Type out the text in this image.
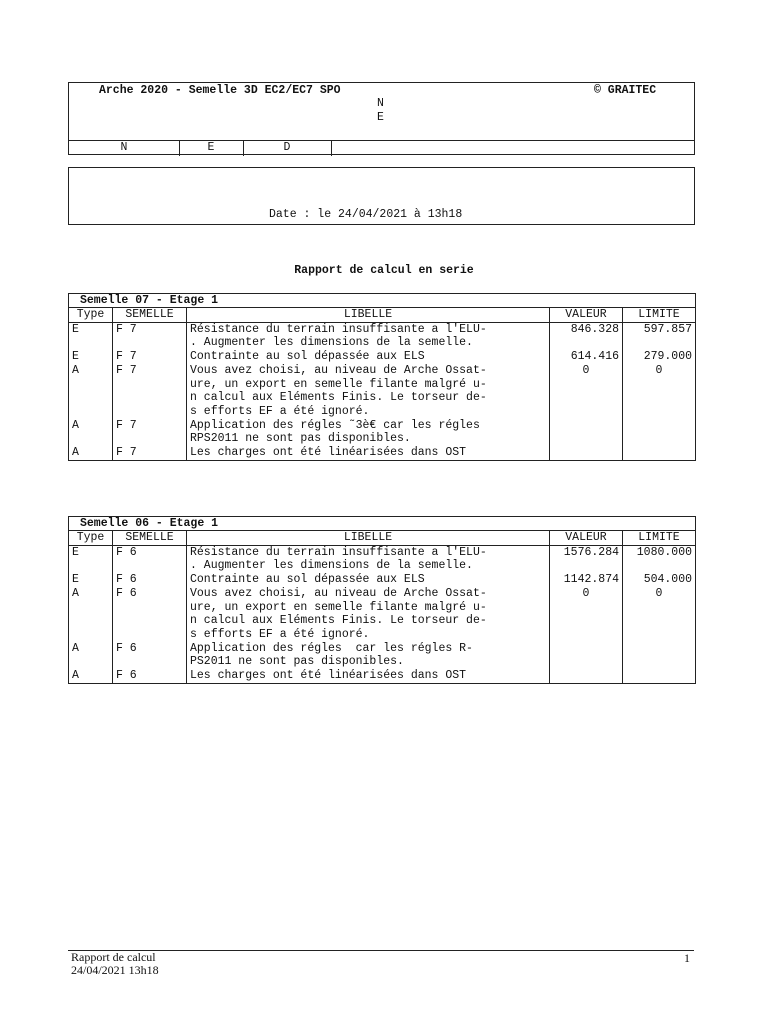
Arche 2020 - Semelle 3D EC2/EC7 SPO	© GRAITEC
N
E
N	E	D
Date : le 24/04/2021 à 13h18
Rapport de calcul en serie
Semelle 07 - Etage 1
Type	SEMELLE	LIBELLE	VALEUR	LIMITE
E	F 7	Résistance du terrain insuffisante a l'ELU-
. Augmenter les dimensions de la semelle.	846.328	597.857
E	F 7	Contrainte au sol dépassée aux ELS	614.416	279.000
A	F 7	Vous avez choisi, au niveau de Arche Ossat-
ure, un export en semelle filante malgré u-
n calcul aux Eléments Finis. Le torseur de-
s efforts EF a été ignoré.	0	0
A	F 7	Application des régles ˜3è€ car les régles
RPS2011 ne sont pas disponibles.		
A	F 7	Les charges ont été linéarisées dans OST		
Semelle 06 - Etage 1
Type	SEMELLE	LIBELLE	VALEUR	LIMITE
E	F 6	Résistance du terrain insuffisante a l'ELU-
. Augmenter les dimensions de la semelle.	1576.284	1080.000
E	F 6	Contrainte au sol dépassée aux ELS	1142.874	504.000
A	F 6	Vous avez choisi, au niveau de Arche Ossat-
ure, un export en semelle filante malgré u-
n calcul aux Eléments Finis. Le torseur de-
s efforts EF a été ignoré.	0	0
A	F 6	Application des régles  car les régles R-
PS2011 ne sont pas disponibles.		
A	F 6	Les charges ont été linéarisées dans OST		
Rapport de calcul
24/04/2021 13h18
1
